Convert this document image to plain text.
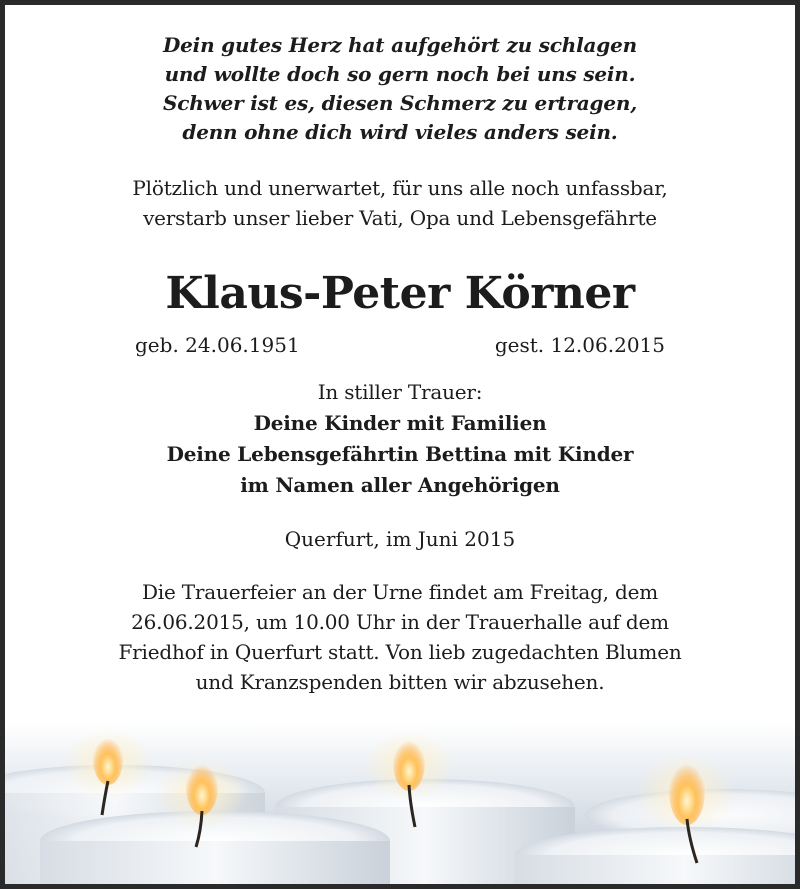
Dein gutes Herz hat aufgehört zu schlagen
und wollte doch so gern noch bei uns sein.
Schwer ist es, diesen Schmerz zu ertragen,
denn ohne dich wird vieles anders sein.
Plötzlich und unerwartet, für uns alle noch unfassbar,
verstarb unser lieber Vati, Opa und Lebensgefährte
Klaus-Peter Körner
geb. 24.06.1951	gest. 12.06.2015
In stiller Trauer:
Deine Kinder mit Familien
Deine Lebensgefährtin Bettina mit Kinder
im Namen aller Angehörigen
Querfurt, im Juni 2015
Die Trauerfeier an der Urne findet am Freitag, dem
26.06.2015, um 10.00 Uhr in der Trauerhalle auf dem
Friedhof in Querfurt statt. Von lieb zugedachten Blumen
und Kranzspenden bitten wir abzusehen.
